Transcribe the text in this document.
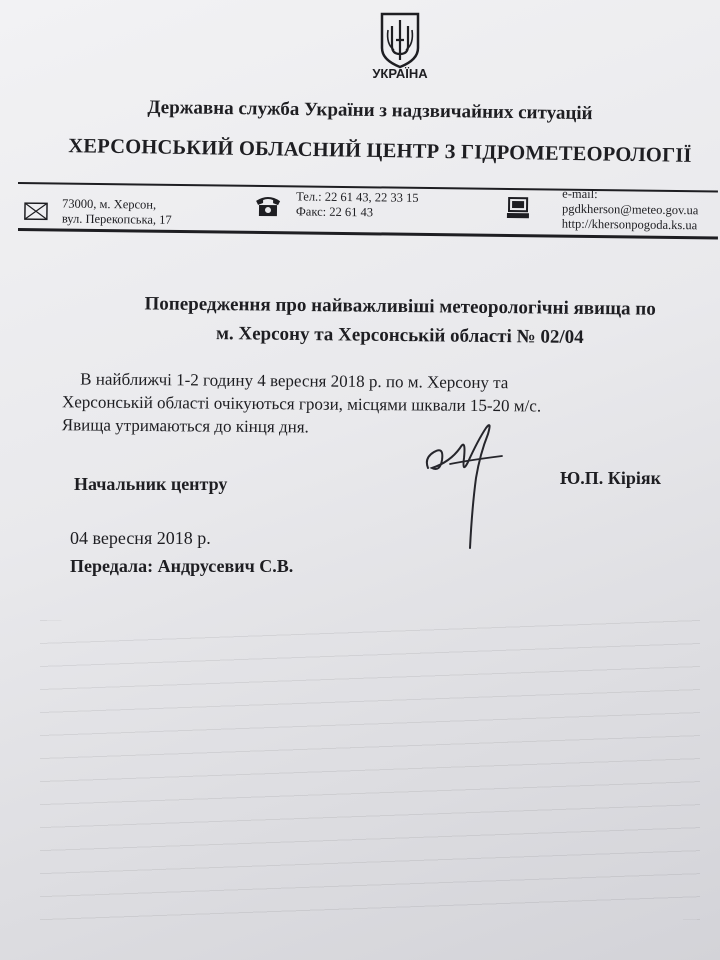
УКРАЇНА
Державна служба України з надзвичайних ситуацій
ХЕРСОНСЬКИЙ ОБЛАСНИЙ ЦЕНТР З ГІДРОМЕТЕОРОЛОГІЇ
73000, м. Херсон,
вул. Перекопська, 17
Тел.: 22 61 43, 22 33 15
Факс: 22 61 43
e-mail:
pgdkherson@meteo.gov.ua
http://khersonpogoda.ks.ua
Попередження про найважливіші метеорологічні явища по
м. Херсону та Херсонській області № 02/04

В найближчі 1-2 годину 4 вересня 2018 р. по м. Херсону та

Херсонській області очікуються грози, місцями шквали 15-20 м/с.

Явища утримаються до кінця дня.

Начальник центру	Ю.П. Кіріяк
04 вересня 2018 р.
Передала: Андрусевич С.В.
